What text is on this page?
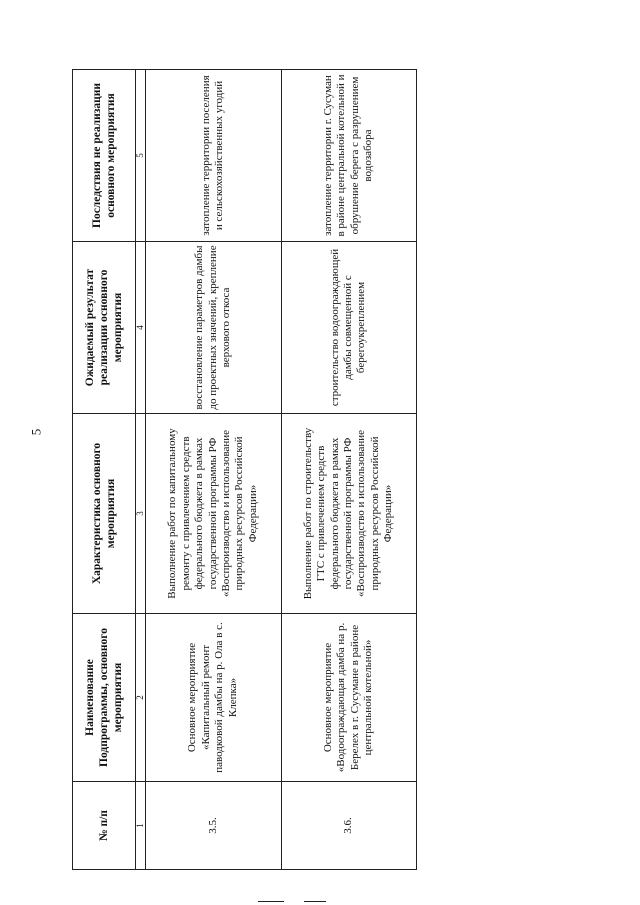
5
№ п/п	Наименование Подпрограммы, основного мероприятия	Характеристика основного мероприятия	Ожидаемый результат реализации основного мероприятия	Последствия не реализации основного мероприятия
1	2	3	4	5
3.5.	Основное мероприятие «Капитальный ремонт паводковой дамбы на р. Ола в с. Клепка»	Выполнение работ по капитальному ремонту с привлечением средств федерального бюджета в рамках государственной программы РФ «Воспроизводство и использование природных ресурсов Российской Федерации»	восстановление параметров дамбы до проектных значений, крепление верхового откоса	затопление территории поселения и сельскохозяйственных угодий
3.6.	Основное мероприятие «Водоограждающая дамба на р. Берелех в г. Сусумане в районе центральной котельной»	Выполнение работ по строительству ГТС с привлечением средств федерального бюджета в рамках государственной программы РФ «Воспроизводство и использование природных ресурсов Российской Федерации»	строительство водоограждающей дамбы совмещенной с берегоукреплением	затопление территории г. Сусуман в районе центральной котельной и обрушение берега с разрушением водозабора
